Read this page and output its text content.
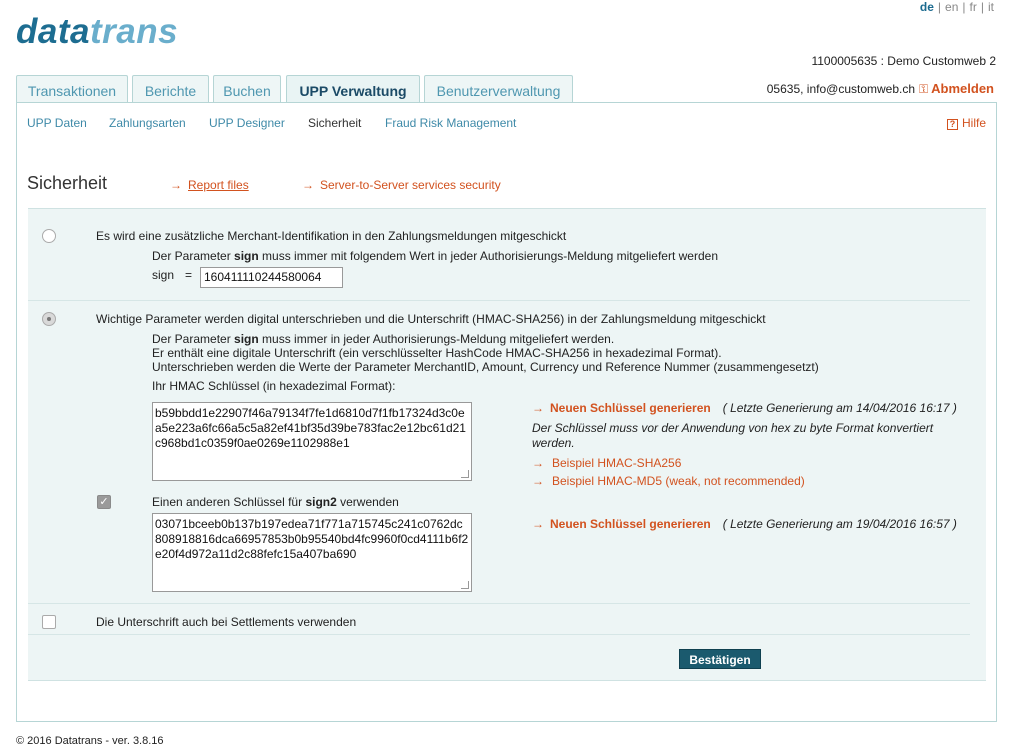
de | en | fr | it
datatrans
1100005635 : Demo Customweb 2
05635, info@customweb.ch ⚿ Abmelden
Transaktionen	Berichte	Buchen	UPP Verwaltung	Benutzerverwaltung
UPP Daten Zahlungsarten UPP Designer Sicherheit Fraud Risk Management	? Hilfe
Sicherheit	→ Report files	→ Server-to-Server services security
Es wird eine zusätzliche Merchant-Identifikation in den Zahlungsmeldungen mitgeschickt
Der Parameter sign muss immer mit folgendem Wert in jeder Authorisierungs-Meldung mitgeliefert werden
sign = 160411110244580064
Wichtige Parameter werden digital unterschrieben und die Unterschrift (HMAC-SHA256) in der Zahlungsmeldung mitgeschickt
Der Parameter sign muss immer in jeder Authorisierungs-Meldung mitgeliefert werden.
Er enthält eine digitale Unterschrift (ein verschlüsselter HashCode HMAC-SHA256 in hexadezimal Format).
Unterschrieben werden die Werte der Parameter MerchantID, Amount, Currency und Reference Nummer (zusammengesetzt)
Ihr HMAC Schlüssel (in hexadezimal Format):
b59bbdd1e22907f46a79134f7fe1d6810d7f1fb17324d3c0ea5e223a6fc66a5c5a82ef41bf35d39be783fac2e12bc61d21c968bd1c0359f0ae0269e1102988e1
→ Neuen Schlüssel generieren ( Letzte Generierung am 14/04/2016 16:17 )
Der Schlüssel muss vor der Anwendung von hex zu byte Format konvertiert werden.
→ Beispiel HMAC-SHA256
→ Beispiel HMAC-MD5 (weak, not recommended)
✓	Einen anderen Schlüssel für sign2 verwenden
03071bceeb0b137b197edea71f771a715745c241c0762dc808918816dca66957853b0b95540bd4fc9960f0cd4111b6f2e20f4d972a11d2c88fefc15a407ba690
→ Neuen Schlüssel generieren ( Letzte Generierung am 19/04/2016 16:57 )
Die Unterschrift auch bei Settlements verwenden
Bestätigen
© 2016 Datatrans - ver. 3.8.16
